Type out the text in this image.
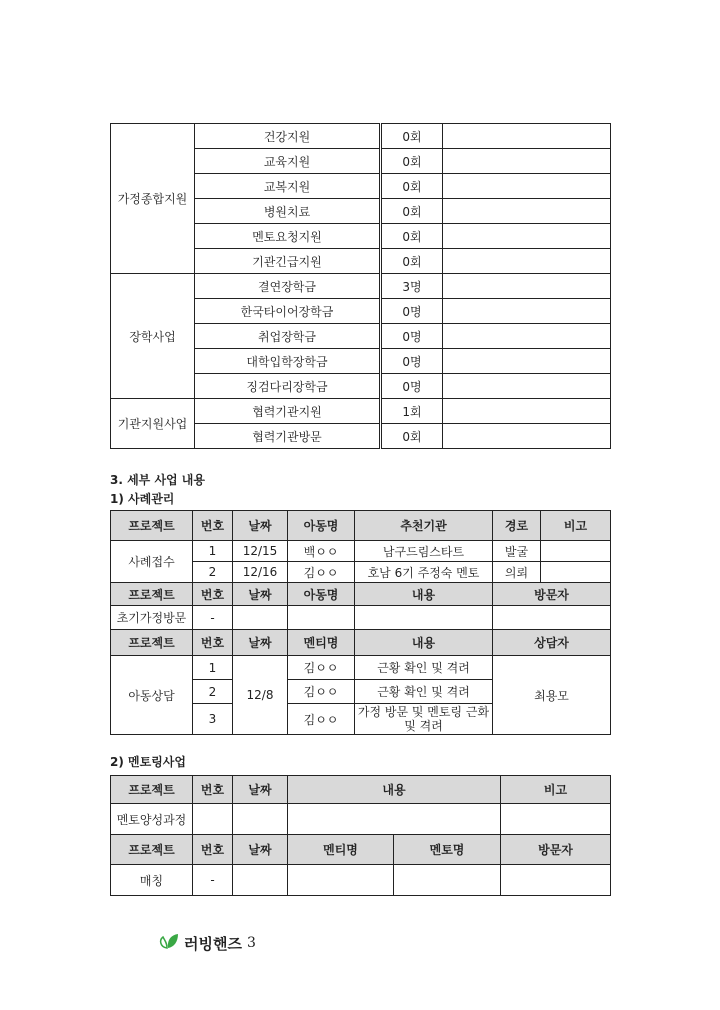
가정종합지원	건강지원	0회	
	교육지원	0회	
	교복지원	0회	
	병원치료	0회	
	멘토요청지원	0회	
	기관긴급지원	0회	
장학사업	결연장학금	3명	
	한국타이어장학금	0명	
	취업장학금	0명	
	대학입학장학금	0명	
	징검다리장학금	0명	
기관지원사업	협력기관지원	1회	
	협력기관방문	0회	
3. 세부 사업 내용
1) 사례관리
프로젝트	번호	날짜	아동명	추천기관	경로	비고
사례접수	1	12/15	백ㅇㅇ	남구드림스타트	발굴	
	2	12/16	김ㅇㅇ	호남 6기 주정숙 멘토	의뢰	
프로젝트	번호	날짜	아동명	내용	방문자	
초기가정방문	-					
프로젝트	번호	날짜	멘티명	내용	상담자	
아동상담	1	12/8	김ㅇㅇ	근황 확인 및 격려	최용모	
	2		김ㅇㅇ	근황 확인 및 격려		
	3		김ㅇㅇ	가정 방문 및 멘토링 근화 및 격려		
2) 멘토링사업
프로젝트	번호	날짜	내용		비고
멘토양성과정					
프로젝트	번호	날짜	멘티명	멘토명	방문자
매칭	-				
러빙핸즈 3
